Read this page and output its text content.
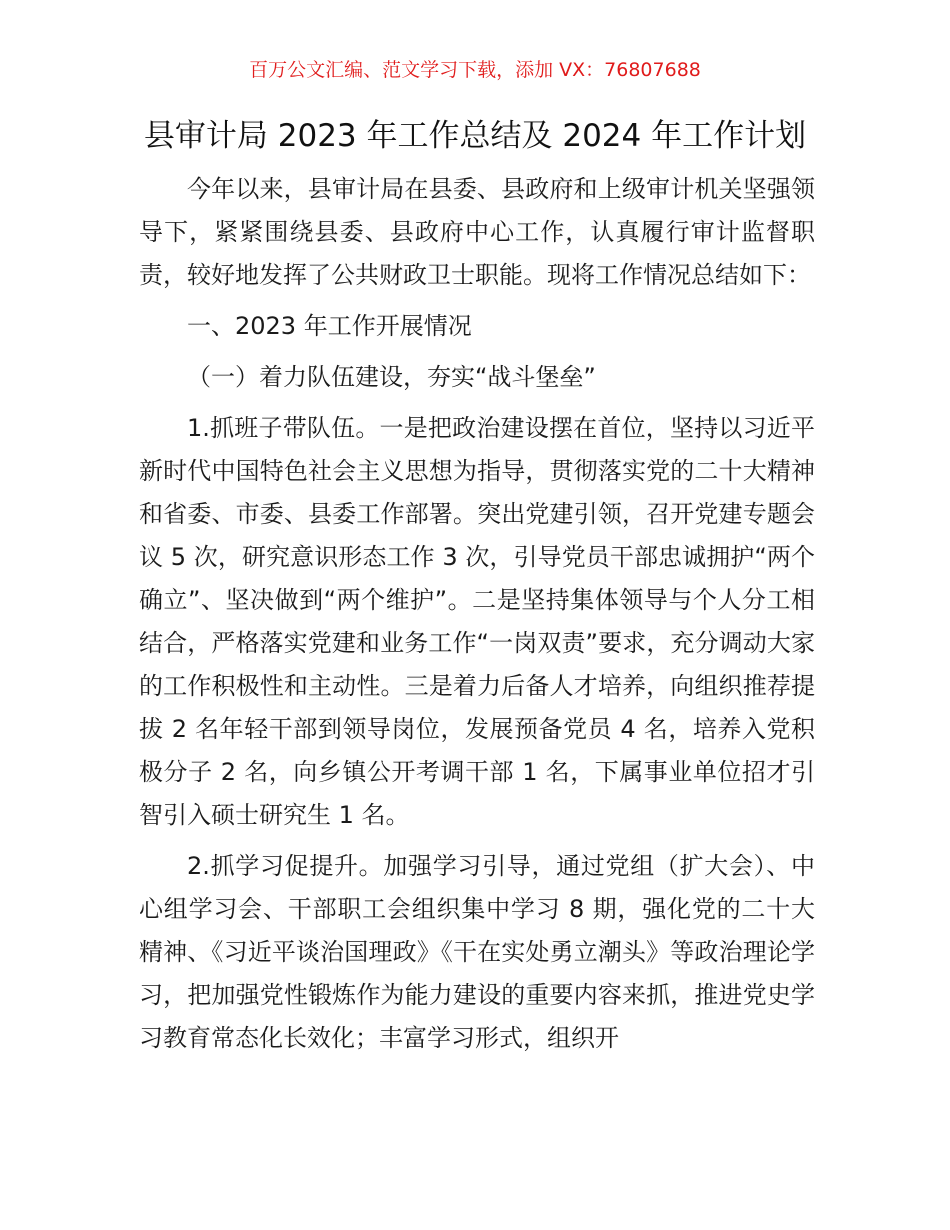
百万公文汇编、范文学习下载，添加 VX：76807688
县审计局 2023 年工作总结及 2024 年工作计划

今年以来，县审计局在县委、县政府和上级审计机关坚强领导下，紧紧围绕县委、县政府中心工作，认真履行审计监督职责，较好地发挥了公共财政卫士职能。现将工作情况总结如下：

一、2023 年工作开展情况

（一）着力队伍建设，夯实“战斗堡垒”

1.抓班子带队伍。一是把政治建设摆在首位，坚持以习近平新时代中国特色社会主义思想为指导，贯彻落实党的二十大精神和省委、市委、县委工作部署。突出党建引领，召开党建专题会议 5 次，研究意识形态工作 3 次，引导党员干部忠诚拥护“两个确立”、坚决做到“两个维护”。二是坚持集体领导与个人分工相结合，严格落实党建和业务工作“一岗双责”要求，充分调动大家的工作积极性和主动性。三是着力后备人才培养，向组织推荐提拔 2 名年轻干部到领导岗位，发展预备党员 4 名，培养入党积极分子 2 名，向乡镇公开考调干部 1 名，下属事业单位招才引智引入硕士研究生 1 名。

2.抓学习促提升。加强学习引导，通过党组（扩大会）、中心组学习会、干部职工会组织集中学习 8 期，强化党的二十大精神、《习近平谈治国理政》《干在实处勇立潮头》等政治理论学习，把加强党性锻炼作为能力建设的重要内容来抓，推进党史学习教育常态化长效化；丰富学习形式，组织开
